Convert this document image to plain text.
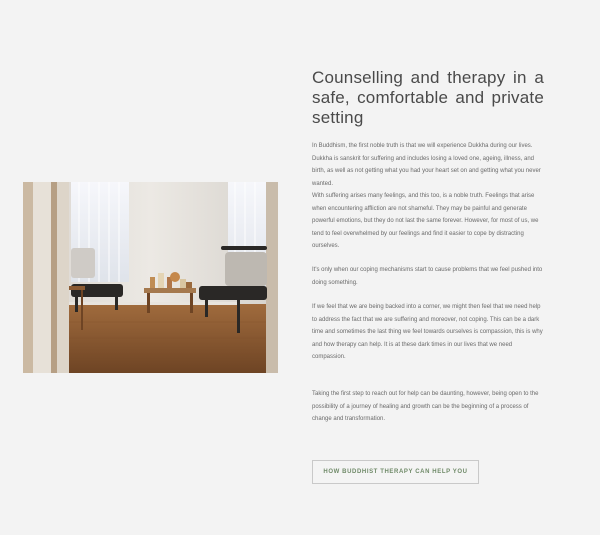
Counselling and therapy in a safe, comfortable and private setting

In Buddhism, the first noble truth is that we will experience Dukkha during our lives. Dukkha is sanskrit for suffering and includes losing a loved one, ageing, illness, and birth, as well as not getting what you had your heart set on and getting what you never wanted.

With suffering arises many feelings, and this too, is a noble truth. Feelings that arise when encountering affliction are not shameful. They may be painful and generate powerful emotions, but they do not last the same forever. However, for most of us, we tend to feel overwhelmed by our feelings and find it easier to cope by distracting ourselves.

It's only when our coping mechanisms start to cause problems that we feel pushed into doing something.

If we feel that we are being backed into a corner, we might then feel that we need help to address the fact that we are suffering and moreover, not coping. This can be a dark time and sometimes the last thing we feel towards ourselves is compassion, this is why and how therapy can help. It is at these dark times in our lives that we need compassion.

Taking the first step to reach out for help can be daunting, however, being open to the possibility of a journey of healing and growth can be the beginning of a process of change and transformation.

HOW BUDDHIST THERAPY CAN HELP YOU
